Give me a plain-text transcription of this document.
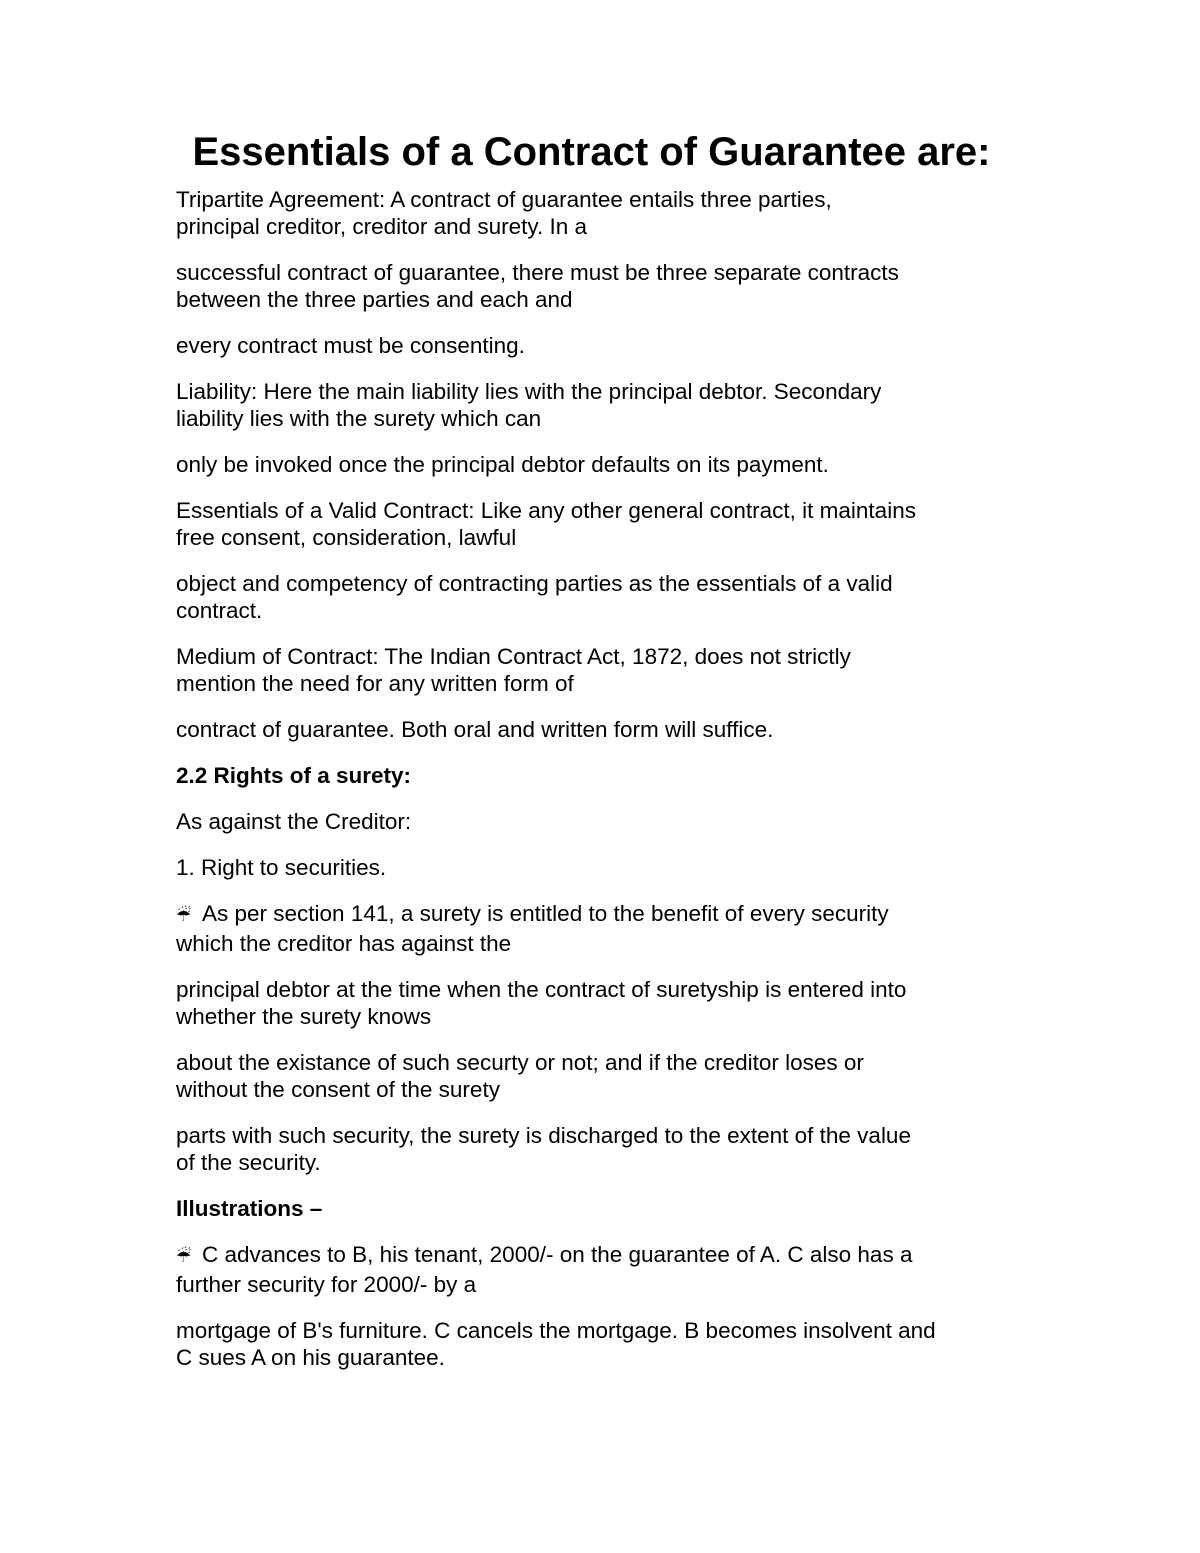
Essentials of a Contract of Guarantee are:

Tripartite Agreement: A contract of guarantee entails three parties,
principal creditor, creditor and surety. In a

successful contract of guarantee, there must be three separate contracts
between the three parties and each and

every contract must be consenting.

Liability: Here the main liability lies with the principal debtor. Secondary
liability lies with the surety which can

only be invoked once the principal debtor defaults on its payment.

Essentials of a Valid Contract: Like any other general contract, it maintains
free consent, consideration, lawful

object and competency of contracting parties as the essentials of a valid
contract.

Medium of Contract: The Indian Contract Act, 1872, does not strictly
mention the need for any written form of

contract of guarantee. Both oral and written form will suffice.

2.2 Rights of a surety:

As against the Creditor:

1. Right to securities.

☔ As per section 141, a surety is entitled to the benefit of every security
which the creditor has against the

principal debtor at the time when the contract of suretyship is entered into
whether the surety knows

about the existance of such securty or not; and if the creditor loses or
without the consent of the surety

parts with such security, the surety is discharged to the extent of the value
of the security.

Illustrations –

☔ C advances to B, his tenant, 2000/- on the guarantee of A. C also has a
further security for 2000/- by a

mortgage of B's furniture. C cancels the mortgage. B becomes insolvent and
C sues A on his guarantee.
